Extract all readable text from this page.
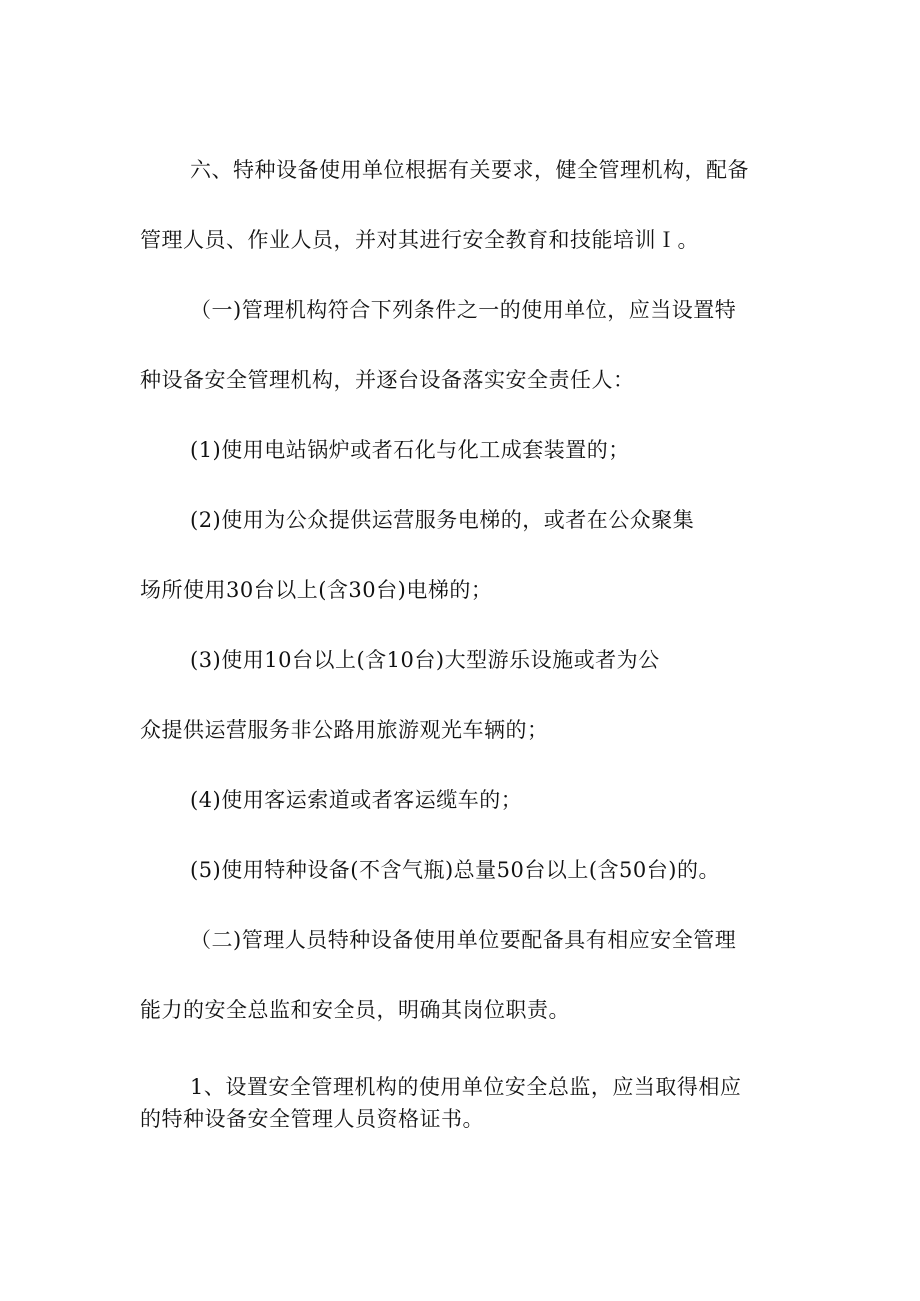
六、特种设备使用单位根据有关要求，健全管理机构，配备
管理人员、作业人员，并对其进行安全教育和技能培训Ｉ。
（一)管理机构符合下列条件之一的使用单位，应当设置特
种设备安全管理机构，并逐台设备落实安全责任人：
(1)使用电站锅炉或者石化与化工成套装置的；
(2)使用为公众提供运营服务电梯的，或者在公众聚集
场所使用30台以上(含30台)电梯的；
(3)使用10台以上(含10台)大型游乐设施或者为公
众提供运营服务非公路用旅游观光车辆的；
(4)使用客运索道或者客运缆车的；
(5)使用特种设备(不含气瓶)总量50台以上(含50台)的。
（二)管理人员特种设备使用单位要配备具有相应安全管理
能力的安全总监和安全员，明确其岗位职责。
1、设置安全管理机构的使用单位安全总监，应当取得相应
的特种设备安全管理人员资格证书。
